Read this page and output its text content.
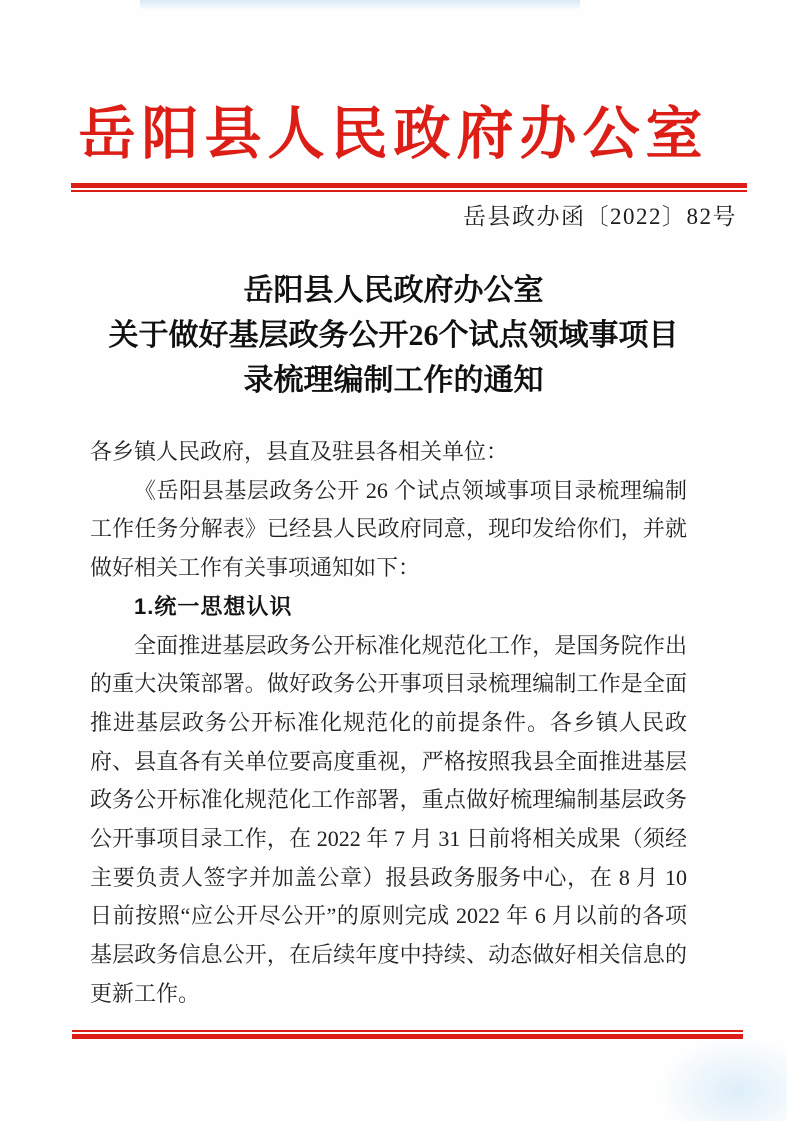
岳阳县人民政府办公室
岳县政办函〔2022〕82号
岳阳县人民政府办公室
关于做好基层政务公开26个试点领域事项目
录梳理编制工作的通知

各乡镇人民政府，县直及驻县各相关单位：

《岳阳县基层政务公开 26 个试点领域事项目录梳理编制工作任务分解表》已经县人民政府同意，现印发给你们，并就做好相关工作有关事项通知如下：

1.统一思想认识

全面推进基层政务公开标准化规范化工作，是国务院作出的重大决策部署。做好政务公开事项目录梳理编制工作是全面推进基层政务公开标准化规范化的前提条件。各乡镇人民政府、县直各有关单位要高度重视，严格按照我县全面推进基层政务公开标准化规范化工作部署，重点做好梳理编制基层政务公开事项目录工作，在 2022 年 7 月 31 日前将相关成果（须经主要负责人签字并加盖公章）报县政务服务中心，在 8 月 10 日前按照“应公开尽公开”的原则完成 2022 年 6 月以前的各项基层政务信息公开，在后续年度中持续、动态做好相关信息的更新工作。
